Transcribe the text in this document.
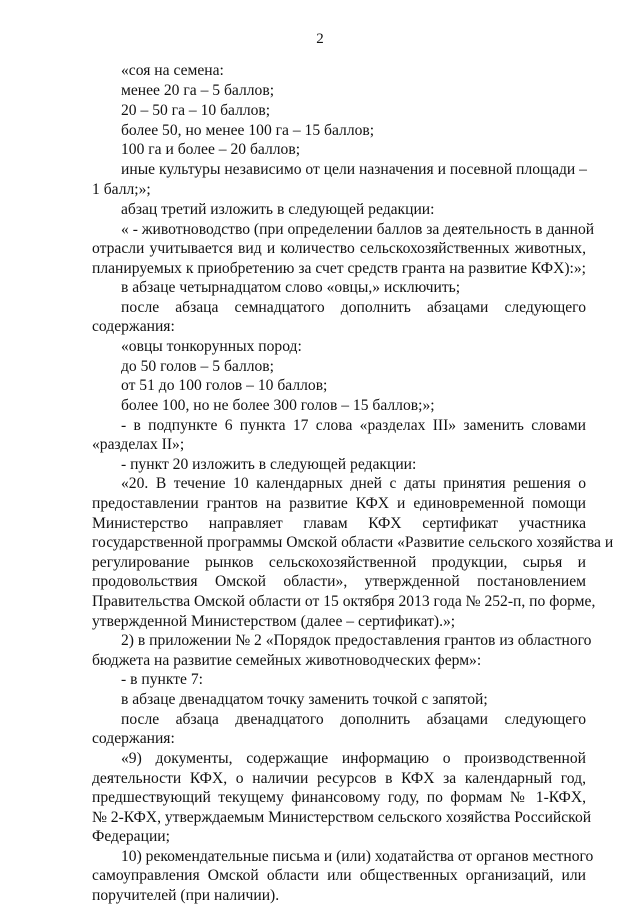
2
«соя на семена:
менее 20 га – 5 баллов;
20 – 50 га – 10 баллов;
более 50, но менее 100 га – 15 баллов;
100 га и более – 20 баллов;
иные культуры независимо от цели назначения и посевной площади –
1 балл;»;
абзац третий изложить в следующей редакции:
« - животноводство (при определении баллов за деятельность в данной
отрасли учитывается вид и количество сельскохозяйственных животных,
планируемых к приобретению за счет средств гранта на развитие КФХ):»;
в абзаце четырнадцатом слово «овцы,» исключить;
после абзаца семнадцатого дополнить абзацами следующего
содержания:
«овцы тонкорунных пород:
до 50 голов – 5 баллов;
от 51 до 100 голов – 10 баллов;
более 100, но не более 300 голов – 15 баллов;»;
- в подпункте 6 пункта 17 слова «разделах III» заменить словами
«разделах II»;
- пункт 20 изложить в следующей редакции:
«20. В течение 10 календарных дней с даты принятия решения о
предоставлении грантов на развитие КФХ и единовременной помощи
Министерство направляет главам КФХ сертификат участника
государственной программы Омской области «Развитие сельского хозяйства и
регулирование рынков сельскохозяйственной продукции, сырья и
продовольствия Омской области», утвержденной постановлением
Правительства Омской области от 15 октября 2013 года № 252-п, по форме,
утвержденной Министерством (далее – сертификат).»;
2) в приложении № 2 «Порядок предоставления грантов из областного
бюджета на развитие семейных животноводческих ферм»:
- в пункте 7:
в абзаце двенадцатом точку заменить точкой с запятой;
после абзаца двенадцатого дополнить абзацами следующего
содержания:
«9) документы, содержащие информацию о производственной
деятельности КФХ, о наличии ресурсов в КФХ за календарный год,
предшествующий текущему финансовому году, по формам № 1-КФХ,
№ 2-КФХ, утверждаемым Министерством сельского хозяйства Российской
Федерации;
10) рекомендательные письма и (или) ходатайства от органов местного
самоуправления Омской области или общественных организаций, или
поручителей (при наличии).
